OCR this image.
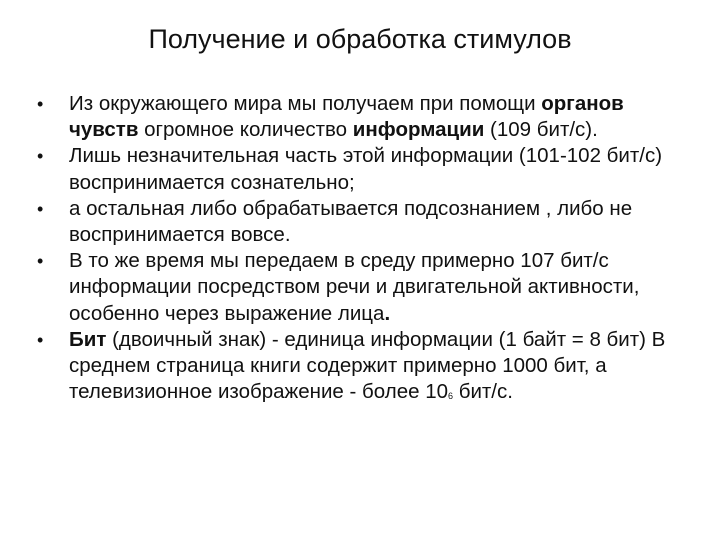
Получение и обработка стимулов
• Из окружающего мира мы получаем при помощи органов чувств огромное количество информации (109 бит/с).
• Лишь незначительная часть этой информации (101-102 бит/с) воспринимается сознательно;
• а остальная либо обрабатывается подсознанием , либо не воспринимается вовсе.
• В то же время мы передаем в среду примерно 107 бит/с информации посредством речи и двигательной активности, особенно через выражение лица.
• Бит (двоичный знак) - единица информации (1 байт = 8 бит) В среднем страница книги содержит примерно 1000 бит, а телевизионное изображение - более $10_6$ бит/с.
